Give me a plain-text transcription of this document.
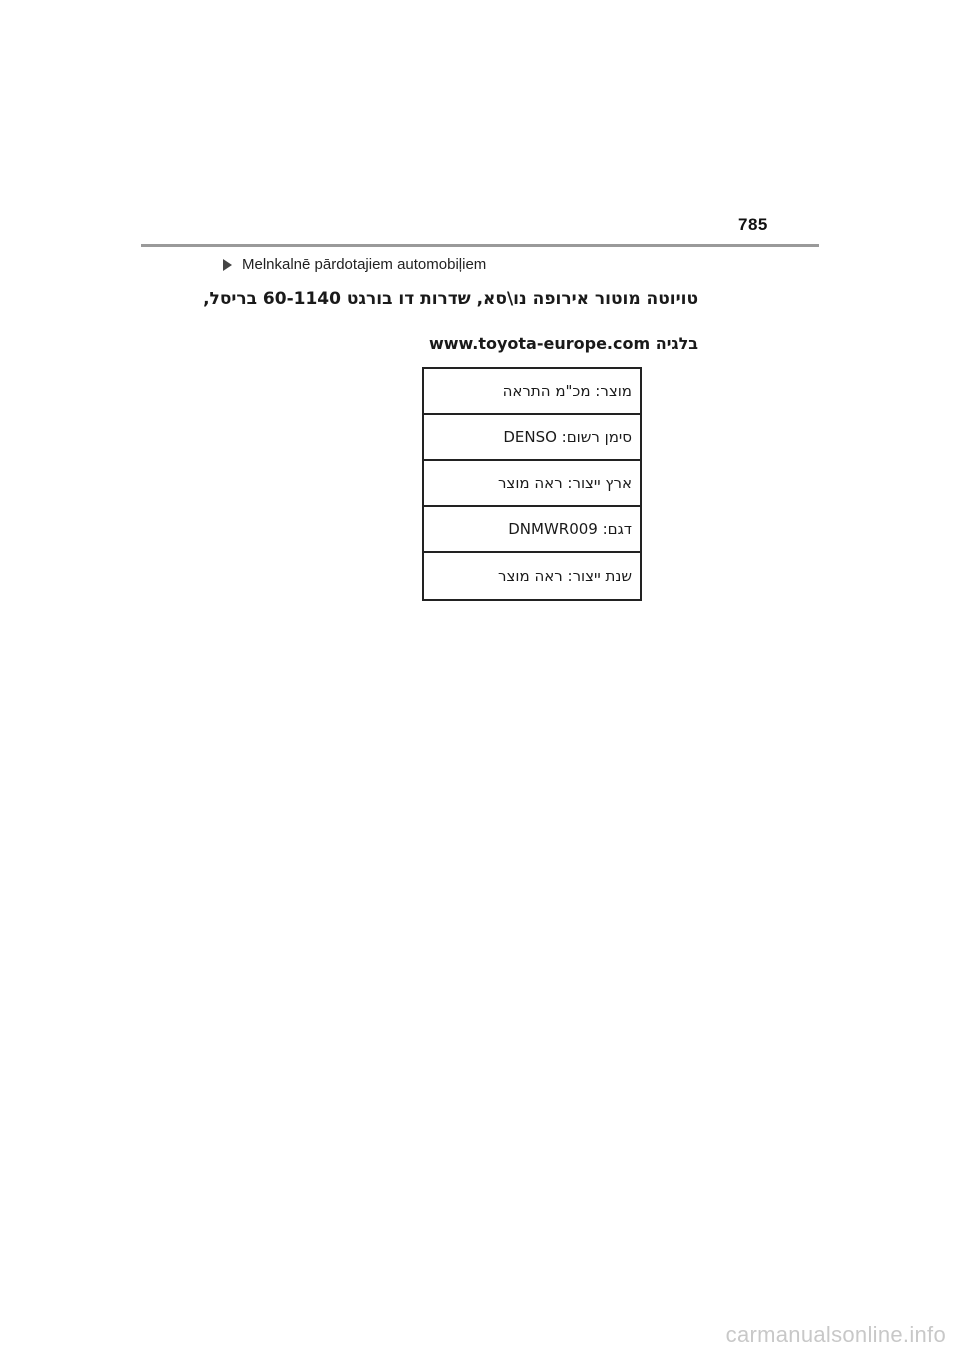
785
Melnkalnē pārdotajiem automobiļiem
טויוטה מוטור אירופה נו\סא, שדרות דו בורגט 60-1140 בריסל,
בלגיה www.toyota-europe.com
מוצר: מכ"מ התראה
סימן רשום: DENSO
ארץ ייצור: ראה מוצר
דגם: DNMWR009
שנת ייצור: ראה מוצר
carmanualsonline.info
